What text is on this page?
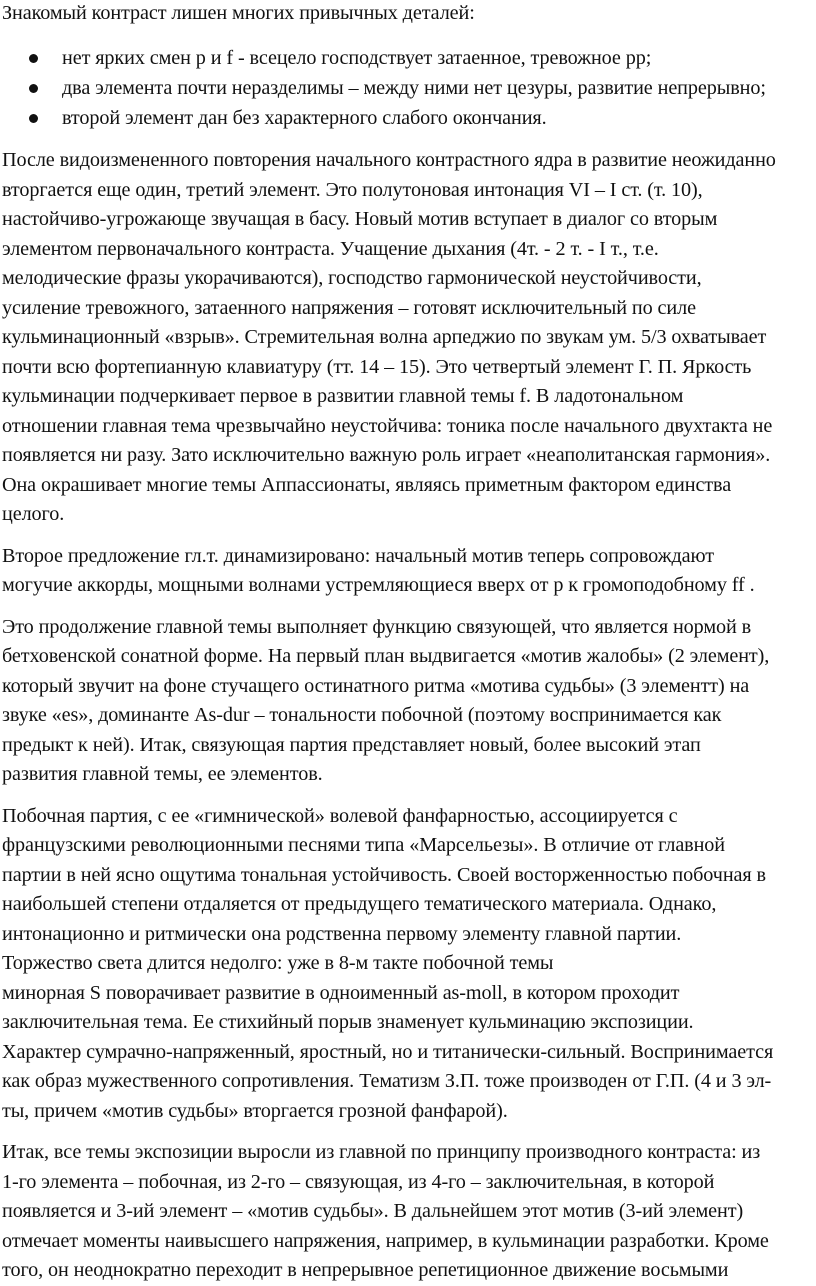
Знакомый контраст лишен многих привычных деталей:

нет ярких смен p и f - всецело господствует затаенное, тревожное pp;
два элемента почти неразделимы – между ними нет цезуры, развитие непрерывно;
второй элемент дан без характерного слабого окончания.

После видоизмененного повторения начального контрастного ядра в развитие неожиданно
вторгается еще один, третий элемент. Это полутоновая интонация VI – I ст. (т. 10),
настойчиво-угрожающе звучащая в басу. Новый мотив вступает в диалог со вторым
элементом первоначального контраста. Учащение дыхания (4т. - 2 т. - I т., т.е.
мелодические фразы укорачиваются), господство гармонической неустойчивости,
усиление тревожного, затаенного напряжения – готовят исключительный по силе
кульминационный «взрыв». Стремительная волна арпеджио по звукам ум. 5/3 охватывает
почти всю фортепианную клавиатуру (тт. 14 – 15). Это четвертый элемент Г. П. Яркость
кульминации подчеркивает первое в развитии главной темы f. В ладотональном
отношении главная тема чрезвычайно неустойчива: тоника после начального двухтакта не
появляется ни разу. Зато исключительно важную роль играет «неаполитанская гармония».
Она окрашивает многие темы Аппассионаты, являясь приметным фактором единства
целого.

Второе предложение гл.т. динамизировано: начальный мотив теперь сопровождают
могучие аккорды, мощными волнами устремляющиеся вверх от p к громоподобному ff .

Это продолжение главной темы выполняет функцию связующей, что является нормой в
бетховенской сонатной форме. На первый план выдвигается «мотив жалобы» (2 элемент),
который звучит на фоне стучащего остинатного ритма «мотива судьбы» (3 элементт) на
звуке «es», доминанте As-dur – тональности побочной (поэтому воспринимается как
предыкт к ней). Итак, связующая партия представляет новый, более высокий этап
развития главной темы, ее элементов.

Побочная партия, с ее «гимнической» волевой фанфарностью, ассоциируется с
французскими революционными песнями типа «Марсельезы». В отличие от главной
партии в ней ясно ощутима тональная устойчивость. Своей восторженностью побочная в
наибольшей степени отдаляется от предыдущего тематического материала. Однако,
интонационно и ритмически она родственна первому элементу главной партии.
Торжество света длится недолго: уже в 8-м такте побочной темы
минорная S поворачивает развитие в одноименный as-moll, в котором проходит
заключительная тема. Ее стихийный порыв знаменует кульминацию экспозиции.
Характер сумрачно-напряженный, яростный, но и титанически-сильный. Воспринимается
как образ мужественного сопротивления. Тематизм З.П. тоже производен от Г.П. (4 и 3 эл-
ты, причем «мотив судьбы» вторгается грозной фанфарой).

Итак, все темы экспозиции выросли из главной по принципу производного контраста: из
1-го элемента – побочная, из 2-го – связующая, из 4-го – заключительная, в которой
появляется и 3-ий элемент – «мотив судьбы». В дальнейшем этот мотив (3-ий элемент)
отмечает моменты наивысшего напряжения, например, в кульминации разработки. Кроме
того, он неоднократно переходит в непрерывное репетиционное движение восьмыми
